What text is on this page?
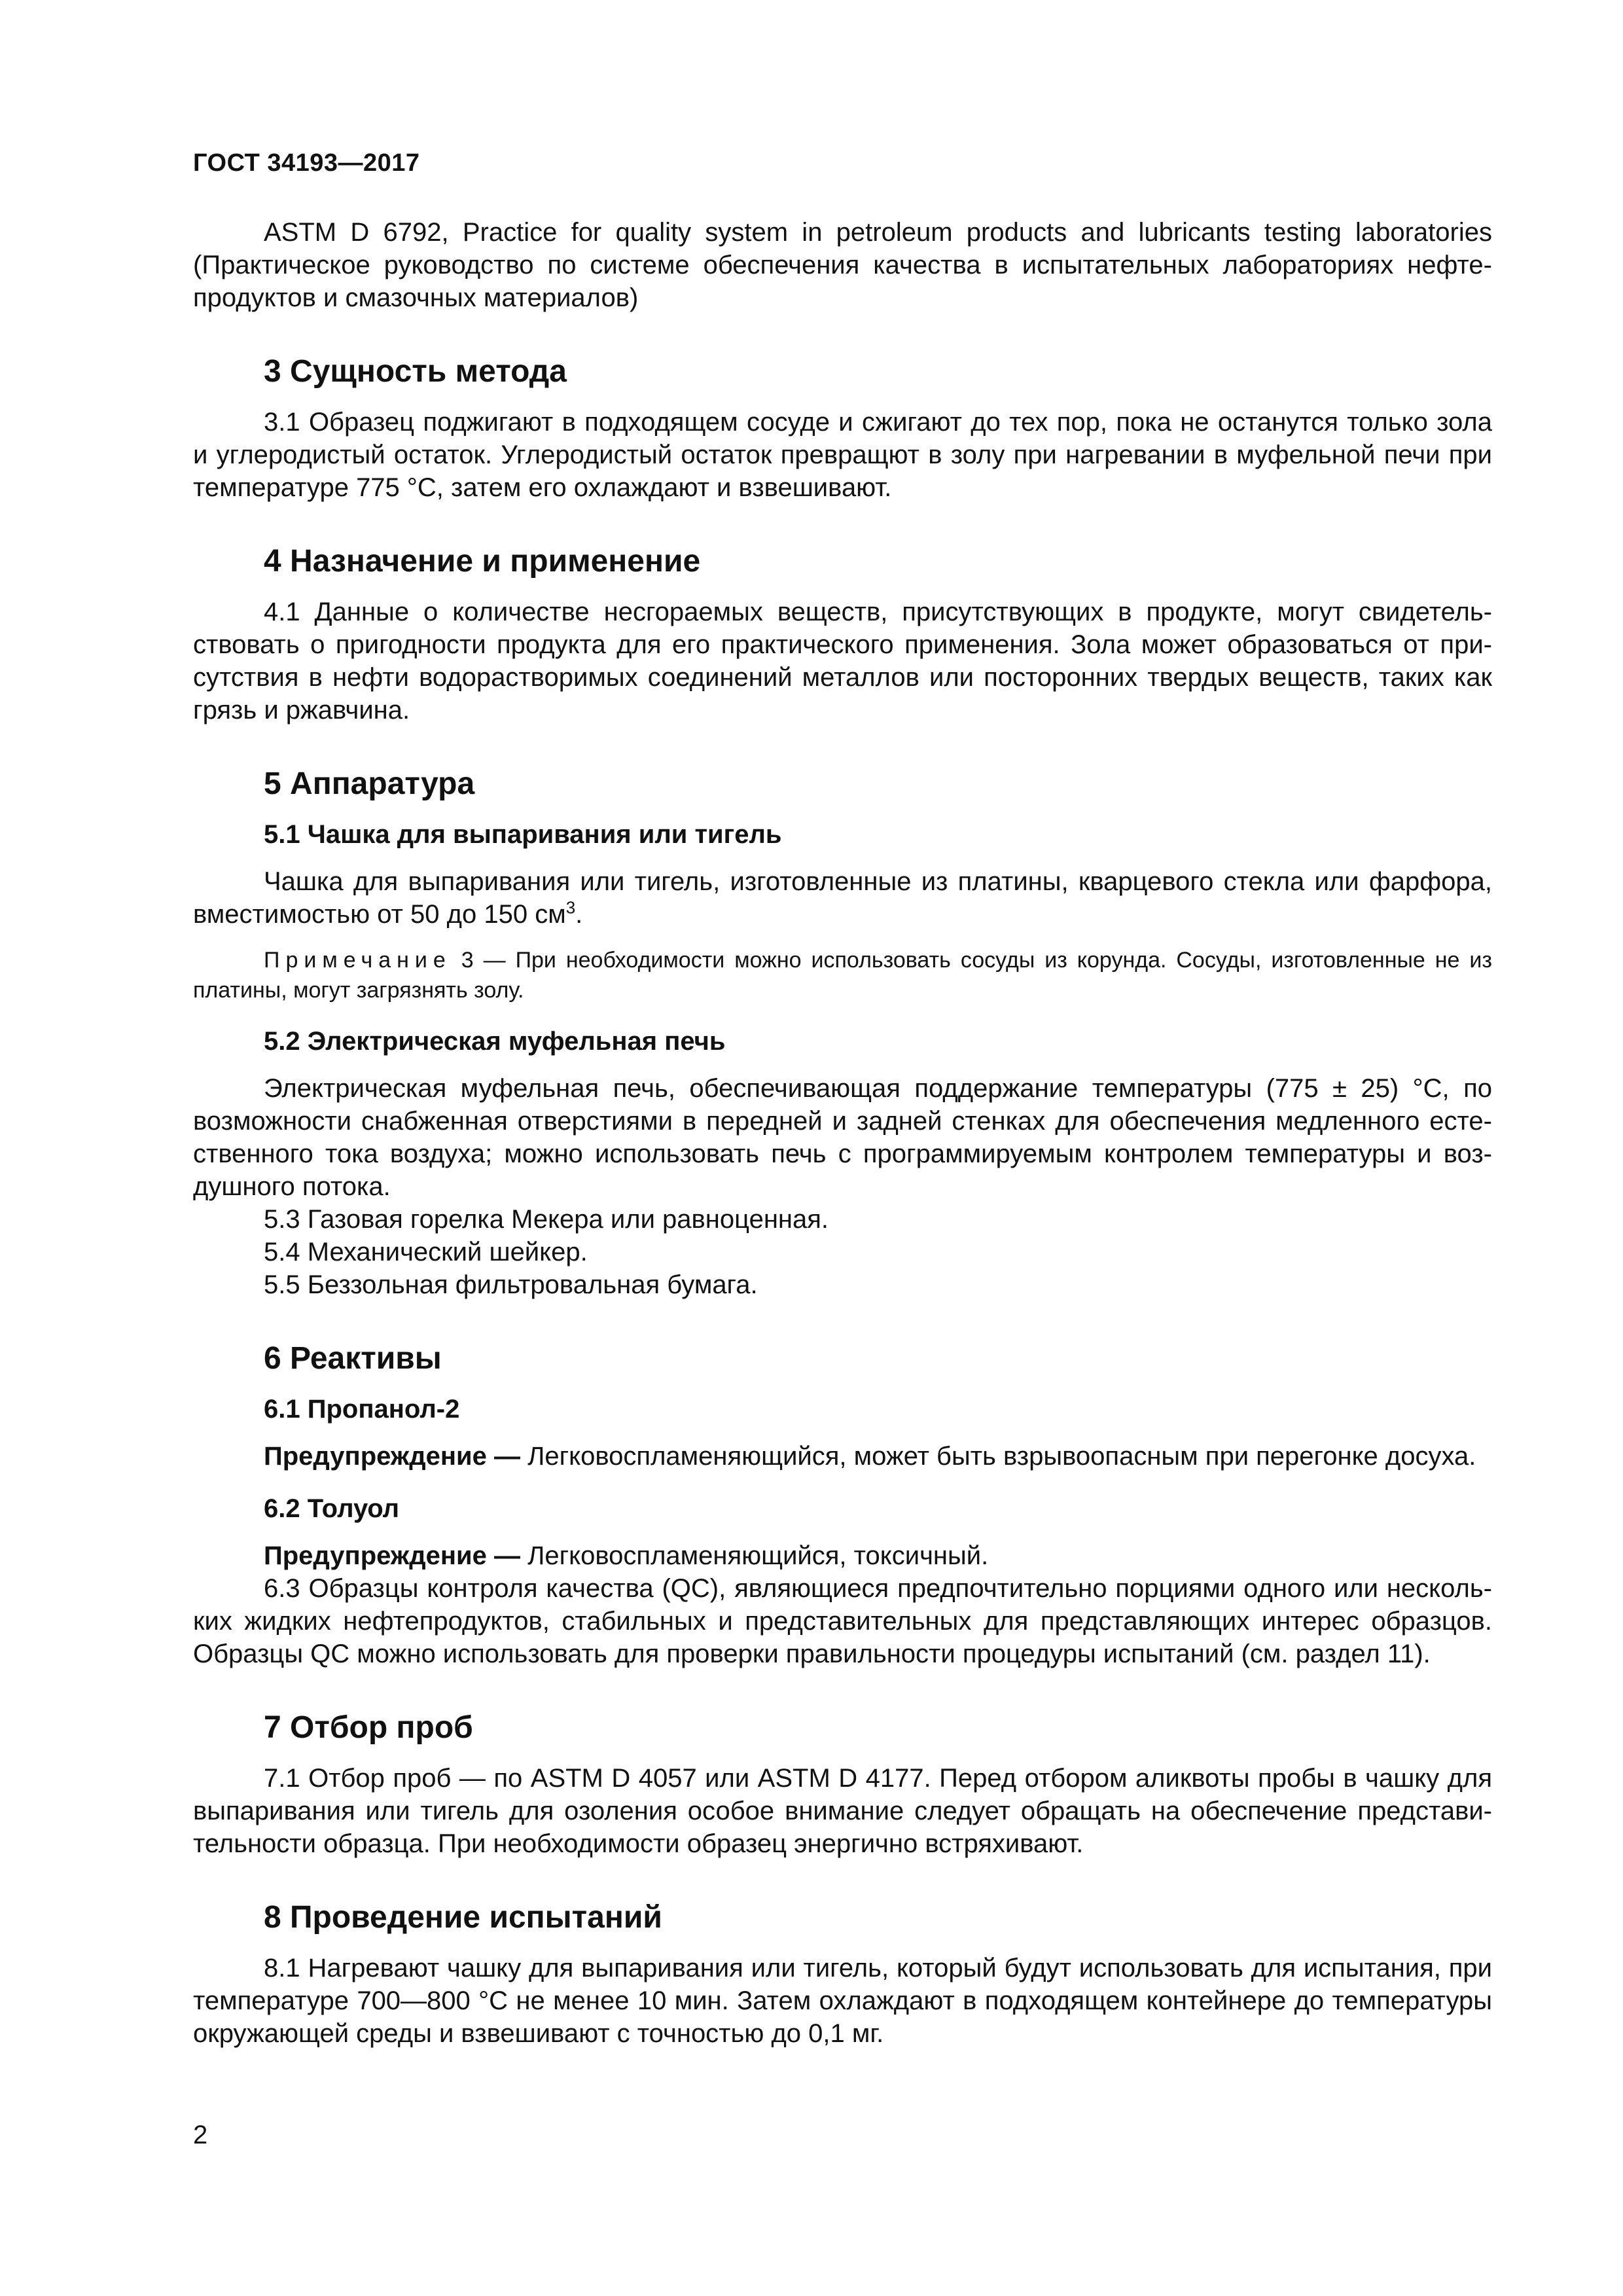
ГОСТ 34193—2017

ASTM D 6792, Practice for quality system in petroleum products and lubricants testing laboratories (Практическое руководство по системе обеспечения качества в испытательных лабораториях нефтепродуктов и смазочных материалов)

3 Сущность метода

3.1 Образец поджигают в подходящем сосуде и сжигают до тех пор, пока не останутся только зола и углеродистый остаток. Углеродистый остаток превращют в золу при нагревании в муфельной печи при температуре 775 °С, затем его охлаждают и взвешивают.

4 Назначение и применение

4.1 Данные о количестве несгораемых веществ, присутствующих в продукте, могут свидетельствовать о пригодности продукта для его практического применения. Зола может образоваться от присутствия в нефти водорастворимых соединений металлов или посторонних твердых веществ, таких как грязь и ржавчина.

5 Аппаратура
5.1 Чашка для выпаривания или тигель

Чашка для выпаривания или тигель, изготовленные из платины, кварцевого стекла или фарфора, вместимостью от 50 до 150 $см^3$.

Примечание 3 — При необходимости можно использовать сосуды из корунда. Сосуды, изготовленные не из платины, могут загрязнять золу.

5.2 Электрическая муфельная печь

Электрическая муфельная печь, обеспечивающая поддержание температуры (775 ± 25) °С, по возможности снабженная отверстиями в передней и задней стенках для обеспечения медленного естественного тока воздуха; можно использовать печь с программируемым контролем температуры и воздушного потока.

5.3 Газовая горелка Мекера или равноценная.

5.4 Механический шейкер.

5.5 Беззольная фильтровальная бумага.

6 Реактивы
6.1 Пропанол-2

Предупреждение — Легковоспламеняющийся, может быть взрывоопасным при перегонке досуха.

6.2 Толуол

Предупреждение — Легковоспламеняющийся, токсичный.

6.3 Образцы контроля качества (QC), являющиеся предпочтительно порциями одного или нескольких жидких нефтепродуктов, стабильных и представительных для представляющих интерес образцов. Образцы QC можно использовать для проверки правильности процедуры испытаний (см. раздел 11).

7 Отбор проб

7.1 Отбор проб — по ASTM D 4057 или ASTM D 4177. Перед отбором аликвоты пробы в чашку для выпаривания или тигель для озоления особое внимание следует обращать на обеспечение представительности образца. При необходимости образец энергично встряхивают.

8 Проведение испытаний

8.1 Нагревают чашку для выпаривания или тигель, который будут использовать для испытания, при температуре 700—800 °С не менее 10 мин. Затем охлаждают в подходящем контейнере до температуры окружающей среды и взвешивают с точностью до 0,1 мг.

2
